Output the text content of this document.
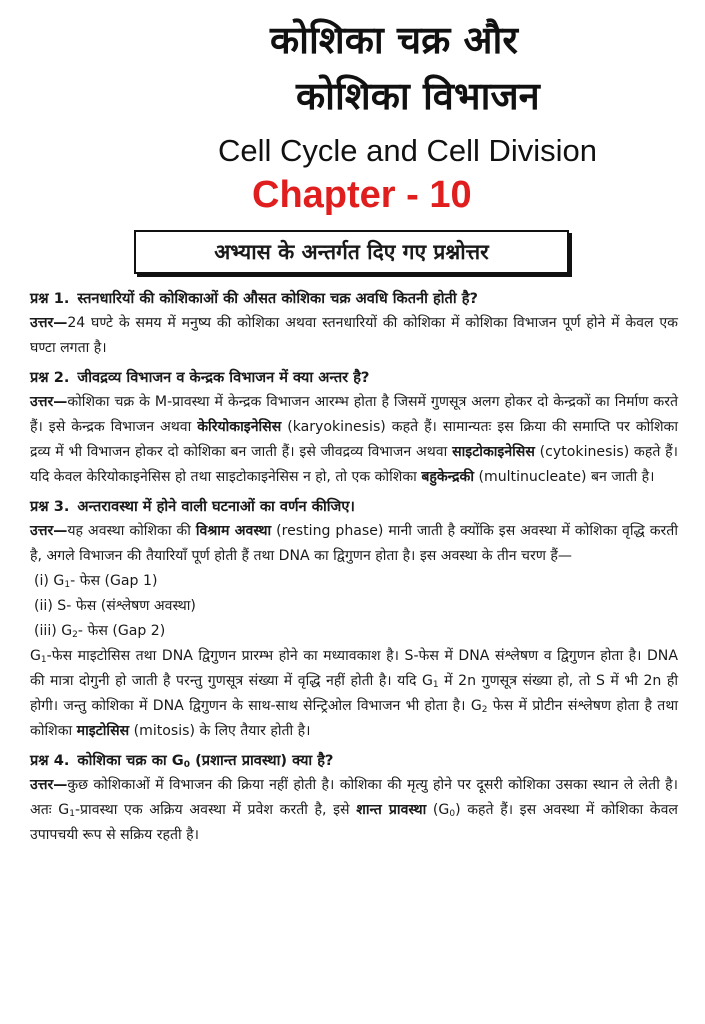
कोशिका चक्र और
कोशिका विभाजन
Cell Cycle and Cell Division
Chapter - 10
अभ्यास के अन्तर्गत दिए गए प्रश्नोत्तर
प्रश्न 1. स्तनधारियों की कोशिकाओं की औसत कोशिका चक्र अवधि कितनी होती है?
उत्तर—24 घण्टे के समय में मनुष्य की कोशिका अथवा स्तनधारियों की कोशिका में कोशिका विभाजन पूर्ण होने में केवल एक घण्टा लगता है।
प्रश्न 2. जीवद्रव्य विभाजन व केन्द्रक विभाजन में क्या अन्तर है?
उत्तर—कोशिका चक्र के M-प्रावस्था में केन्द्रक विभाजन आरम्भ होता है जिसमें गुणसूत्र अलग होकर दो केन्द्रकों का निर्माण करते हैं। इसे केन्द्रक विभाजन अथवा केरियोकाइनेसिस (karyokinesis) कहते हैं। सामान्यतः इस क्रिया की समाप्ति पर कोशिका द्रव्य में भी विभाजन होकर दो कोशिका बन जाती हैं। इसे जीवद्रव्य विभाजन अथवा साइटोकाइनेसिस (cytokinesis) कहते हैं। यदि केवल केरियोकाइनेसिस हो तथा साइटोकाइनेसिस न हो, तो एक कोशिका बहुकेन्द्रकी (multinucleate) बन जाती है।
प्रश्न 3. अन्तरावस्था में होने वाली घटनाओं का वर्णन कीजिए।
उत्तर—यह अवस्था कोशिका की विश्राम अवस्था (resting phase) मानी जाती है क्योंकि इस अवस्था में कोशिका वृद्धि करती है, अगले विभाजन की तैयारियाँ पूर्ण होती हैं तथा DNA का द्विगुणन होता है। इस अवस्था के तीन चरण हैं—
(i) $G_1-$ फेस (Gap 1)
(ii) S- फेस (संश्लेषण अवस्था)
(iii) $G_2-$ फेस (Gap 2)
$G_1-फेस$ माइटोसिस तथा DNA द्विगुणन प्रारम्भ होने का मध्यावकाश है। S-फेस में DNA संश्लेषण व द्विगुणन होता है। DNA की मात्रा दोगुनी हो जाती है परन्तु गुणसूत्र संख्या में वृद्धि नहीं होती है। यदि $G_1$ में 2n गुणसूत्र संख्या हो, तो S में भी 2n ही होगी। जन्तु कोशिका में DNA द्विगुणन के साथ-साथ सेन्ट्रिओल विभाजन भी होता है। $G_2$ फेस में प्रोटीन संश्लेषण होता है तथा कोशिका माइटोसिस (mitosis) के लिए तैयार होती है।
प्रश्न 4. कोशिका चक्र का $G_0$ (प्रशान्त प्रावस्था) क्या है?
उत्तर—कुछ कोशिकाओं में विभाजन की क्रिया नहीं होती है। कोशिका की मृत्यु होने पर दूसरी कोशिका उसका स्थान ले लेती है। अतः $G_1-प्रावस्था$ एक अक्रिय अवस्था में प्रवेश करती है, इसे शान्त प्रावस्था $(G_0)$ कहते हैं। इस अवस्था में कोशिका केवल उपापचयी रूप से सक्रिय रहती है।
